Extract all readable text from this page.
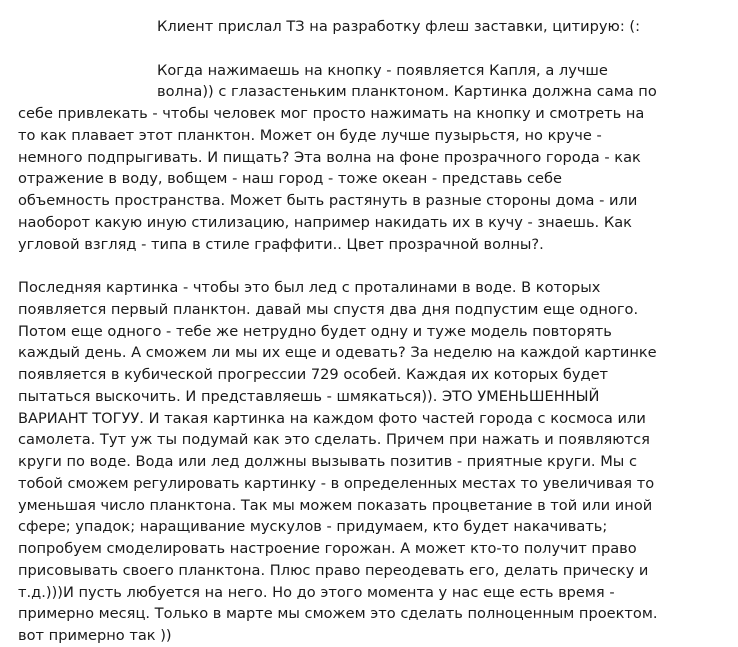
Клиент прислал ТЗ на разработку флеш заставки, цитирую: (:
Когда нажимаешь на кнопку - появляется Капля, а лучше
волна)) с глазастеньким планктоном. Картинка должна сама по
себе привлекать - чтобы человек мог просто нажимать на кнопку и смотреть на
то как плавает этот планктон. Может он буде лучше пузырьстя, но круче -
немного подпрыгивать. И пищать? Эта волна на фоне прозрачного города - как
отражение в воду, вобщем - наш город - тоже океан - представь себе
объемность пространства. Может быть растянуть в разные стороны дома - или
наоборот какую иную стилизацию, например накидать их в кучу - знаешь. Как
угловой взгляд - типа в стиле граффити.. Цвет прозрачной волны?.
Последняя картинка - чтобы это был лед с проталинами в воде. В которых
появляется первый планктон. давай мы спустя два дня подпустим еще одного.
Потом еще одного - тебе же нетрудно будет одну и туже модель повторять
каждый день. А сможем ли мы их еще и одевать? За неделю на каждой картинке
появляется в кубической прогрессии 729 особей. Каждая их которых будет
пытаться выскочить. И представляешь - шмякаться)). ЭТО УМЕНЬШЕННЫЙ
ВАРИАНТ ТОГУУ. И такая картинка на каждом фото частей города с космоса или
самолета. Тут уж ты подумай как это сделать. Причем при нажать и появляются
круги по воде. Вода или лед должны вызывать позитив - приятные круги. Мы с
тобой сможем регулировать картинку - в определенных местах то увеличивая то
уменьшая число планктона. Так мы можем показать процветание в той или иной
сфере; упадок; наращивание мускулов - придумаем, кто будет накачивать;
попробуем смоделировать настроение горожан. А может кто-то получит право
присовывать своего планктона. Плюс право переодевать его, делать прическу и
т.д.)))И пусть любуется на него. Но до этого момента у нас еще есть время -
примерно месяц. Только в марте мы сможем это сделать полноценным проектом.
вот примерно так ))
